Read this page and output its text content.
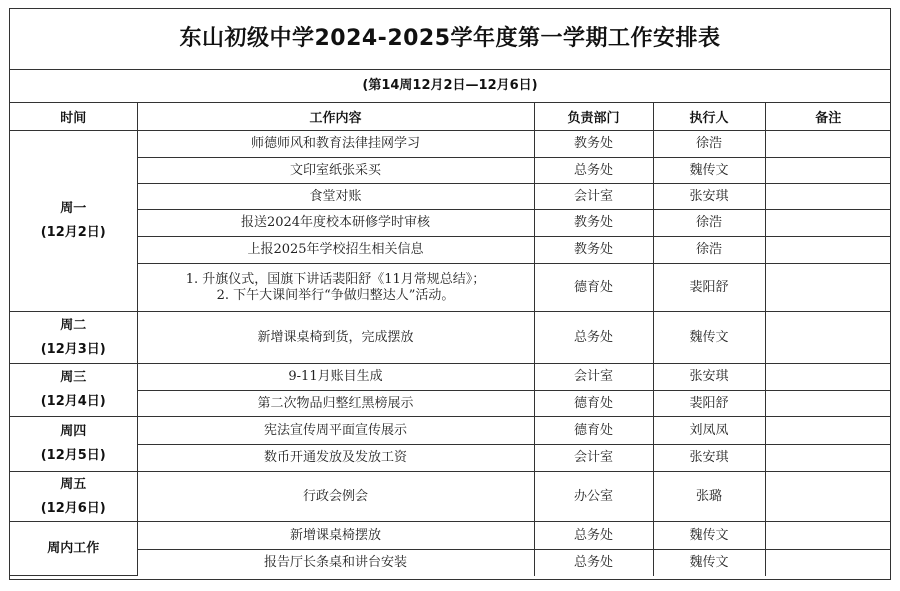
东山初级中学2024-2025学年度第一学期工作安排表
(第14周12月2日—12月6日)
时间	工作内容	负责部门	执行人	备注

周一
(12月2日)	师德师风和教育法律挂网学习	教务处	徐浩	
	文印室纸张采买	总务处	魏传文	
	食堂对账	会计室	张安琪	
	报送2024年度校本研修学时审核	教务处	徐浩	
	上报2025年学校招生相关信息	教务处	徐浩	

	1. 升旗仪式，国旗下讲话裴阳舒《11月常规总结》；
2. 下午大课间举行“争做归整达人”活动。	德育处	裴阳舒	

周二
(12月3日)	新增课桌椅到货，完成摆放	总务处	魏传文	

周三
(12月4日)	9-11月账目生成	会计室	张安琪	
	第二次物品归整红黑榜展示	德育处	裴阳舒	

周四
(12月5日)	宪法宣传周平面宣传展示	德育处	刘凤凤	
	数币开通发放及发放工资	会计室	张安琪	

周五
(12月6日)	行政会例会	办公室	张璐	

周内工作	新增课桌椅摆放	总务处	魏传文	
	报告厅长条桌和讲台安装	总务处	魏传文	
